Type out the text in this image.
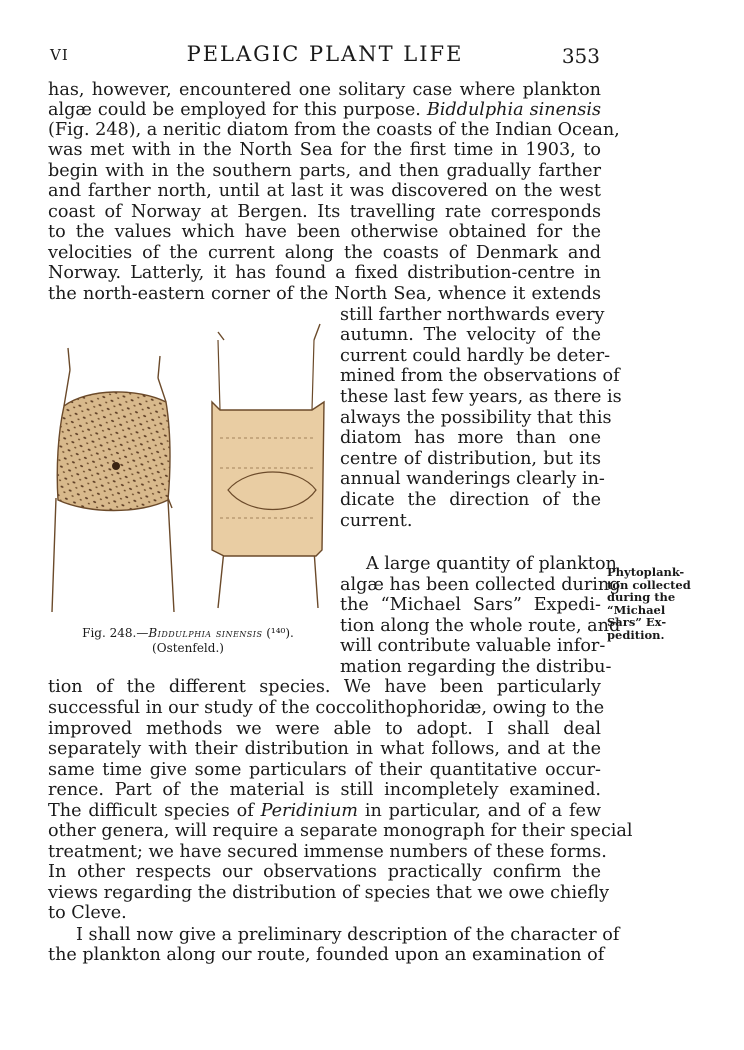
VI	PELAGIC PLANT LIFE	353
has, however, encountered one solitary case where plankton
algæ could be employed for this purpose. Biddulphia sinensis
(Fig. 248), a neritic diatom from the coasts of the Indian Ocean,
was met with in the North Sea for the first time in 1903, to
begin with in the southern parts, and then gradually farther
and farther north, until at last it was discovered on the west
coast of Norway at Bergen. Its travelling rate corresponds
to the values which have been otherwise obtained for the
velocities of the current along the coasts of Denmark and
Norway. Latterly, it has found a fixed distribution-centre in
the north-eastern corner of the North Sea, whence it extends
still farther northwards every
autumn. The velocity of the
current could hardly be deter-
mined from the observations of
these last few years, as there is
always the possibility that this
diatom has more than one
centre of distribution, but its
annual wanderings clearly in-
dicate the direction of the
current.
A large quantity of plankton
algæ has been collected during
the “Michael Sars” Expedi-
tion along the whole route, and
will contribute valuable infor-
mation regarding the distribu-
Fig. 248.—Biddulphia sinensis (¹⁴⁰).
(Ostenfeld.)
Phytoplank-
ton collected
during the
“Michael
Sars” Ex-
pedition.
tion of the different species. We have been particularly
successful in our study of the coccolithophoridæ, owing to the
improved methods we were able to adopt. I shall deal
separately with their distribution in what follows, and at the
same time give some particulars of their quantitative occur-
rence. Part of the material is still incompletely examined.
The difficult species of Peridinium in particular, and of a few
other genera, will require a separate monograph for their special
treatment; we have secured immense numbers of these forms.
In other respects our observations practically confirm the
views regarding the distribution of species that we owe chiefly
to Cleve.
I shall now give a preliminary description of the character of
the plankton along our route, founded upon an examination of
